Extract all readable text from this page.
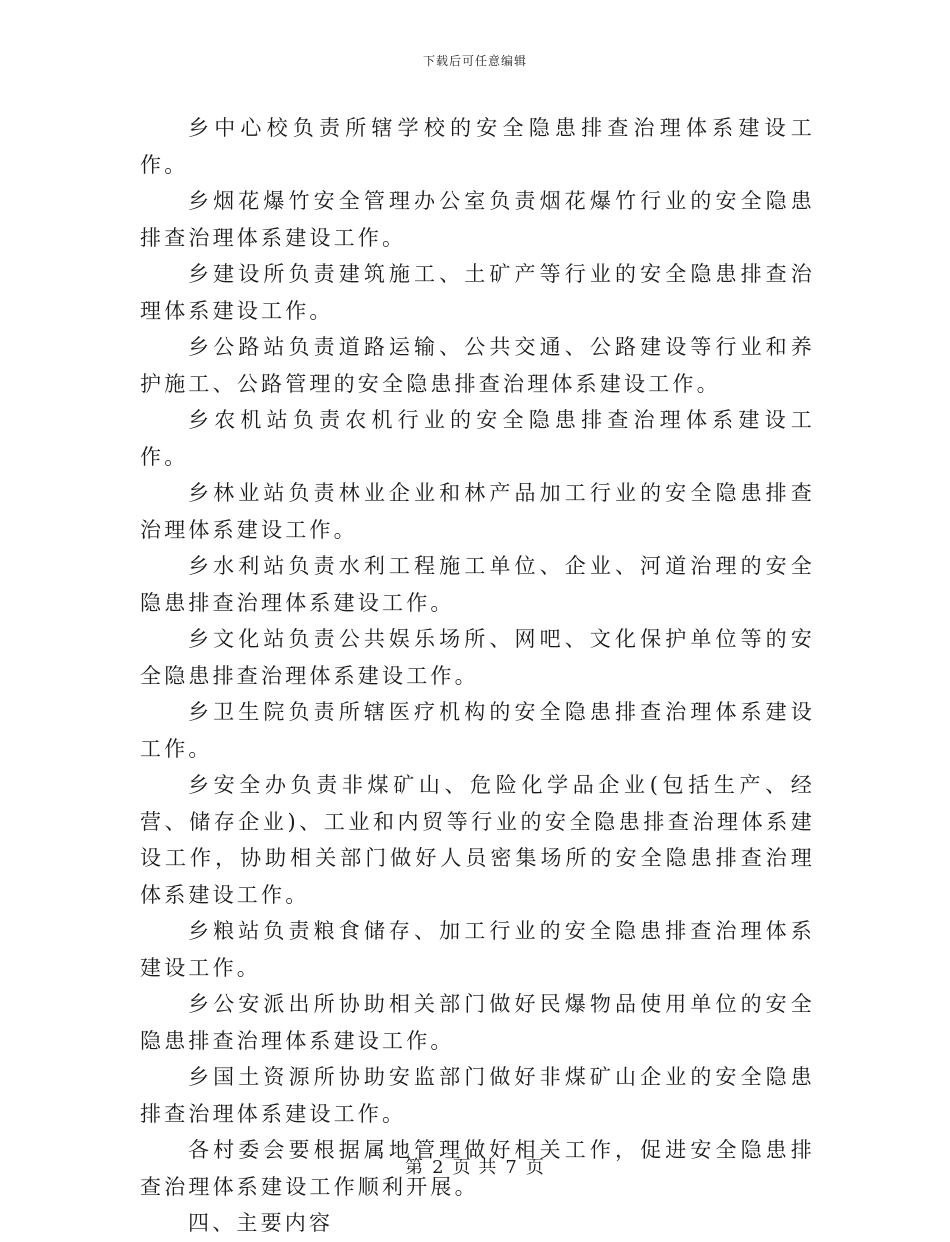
下载后可任意编辑

乡中心校负责所辖学校的安全隐患排查治理体系建设工作。

乡烟花爆竹安全管理办公室负责烟花爆竹行业的安全隐患排查治理体系建设工作。

乡建设所负责建筑施工、土矿产等行业的安全隐患排查治理体系建设工作。

乡公路站负责道路运输、公共交通、公路建设等行业和养护施工、公路管理的安全隐患排查治理体系建设工作。

乡农机站负责农机行业的安全隐患排查治理体系建设工作。

乡林业站负责林业企业和林产品加工行业的安全隐患排查治理体系建设工作。

乡水利站负责水利工程施工单位、企业、河道治理的安全隐患排查治理体系建设工作。

乡文化站负责公共娱乐场所、网吧、文化保护单位等的安全隐患排查治理体系建设工作。

乡卫生院负责所辖医疗机构的安全隐患排查治理体系建设工作。

乡安全办负责非煤矿山、危险化学品企业(包括生产、经营、储存企业)、工业和内贸等行业的安全隐患排查治理体系建设工作，协助相关部门做好人员密集场所的安全隐患排查治理体系建设工作。

乡粮站负责粮食储存、加工行业的安全隐患排查治理体系建设工作。

乡公安派出所协助相关部门做好民爆物品使用单位的安全隐患排查治理体系建设工作。

乡国土资源所协助安监部门做好非煤矿山企业的安全隐患排查治理体系建设工作。

各村委会要根据属地管理做好相关工作，促进安全隐患排查治理体系建设工作顺利开展。

四、主要内容

第 2 页 共 7 页
